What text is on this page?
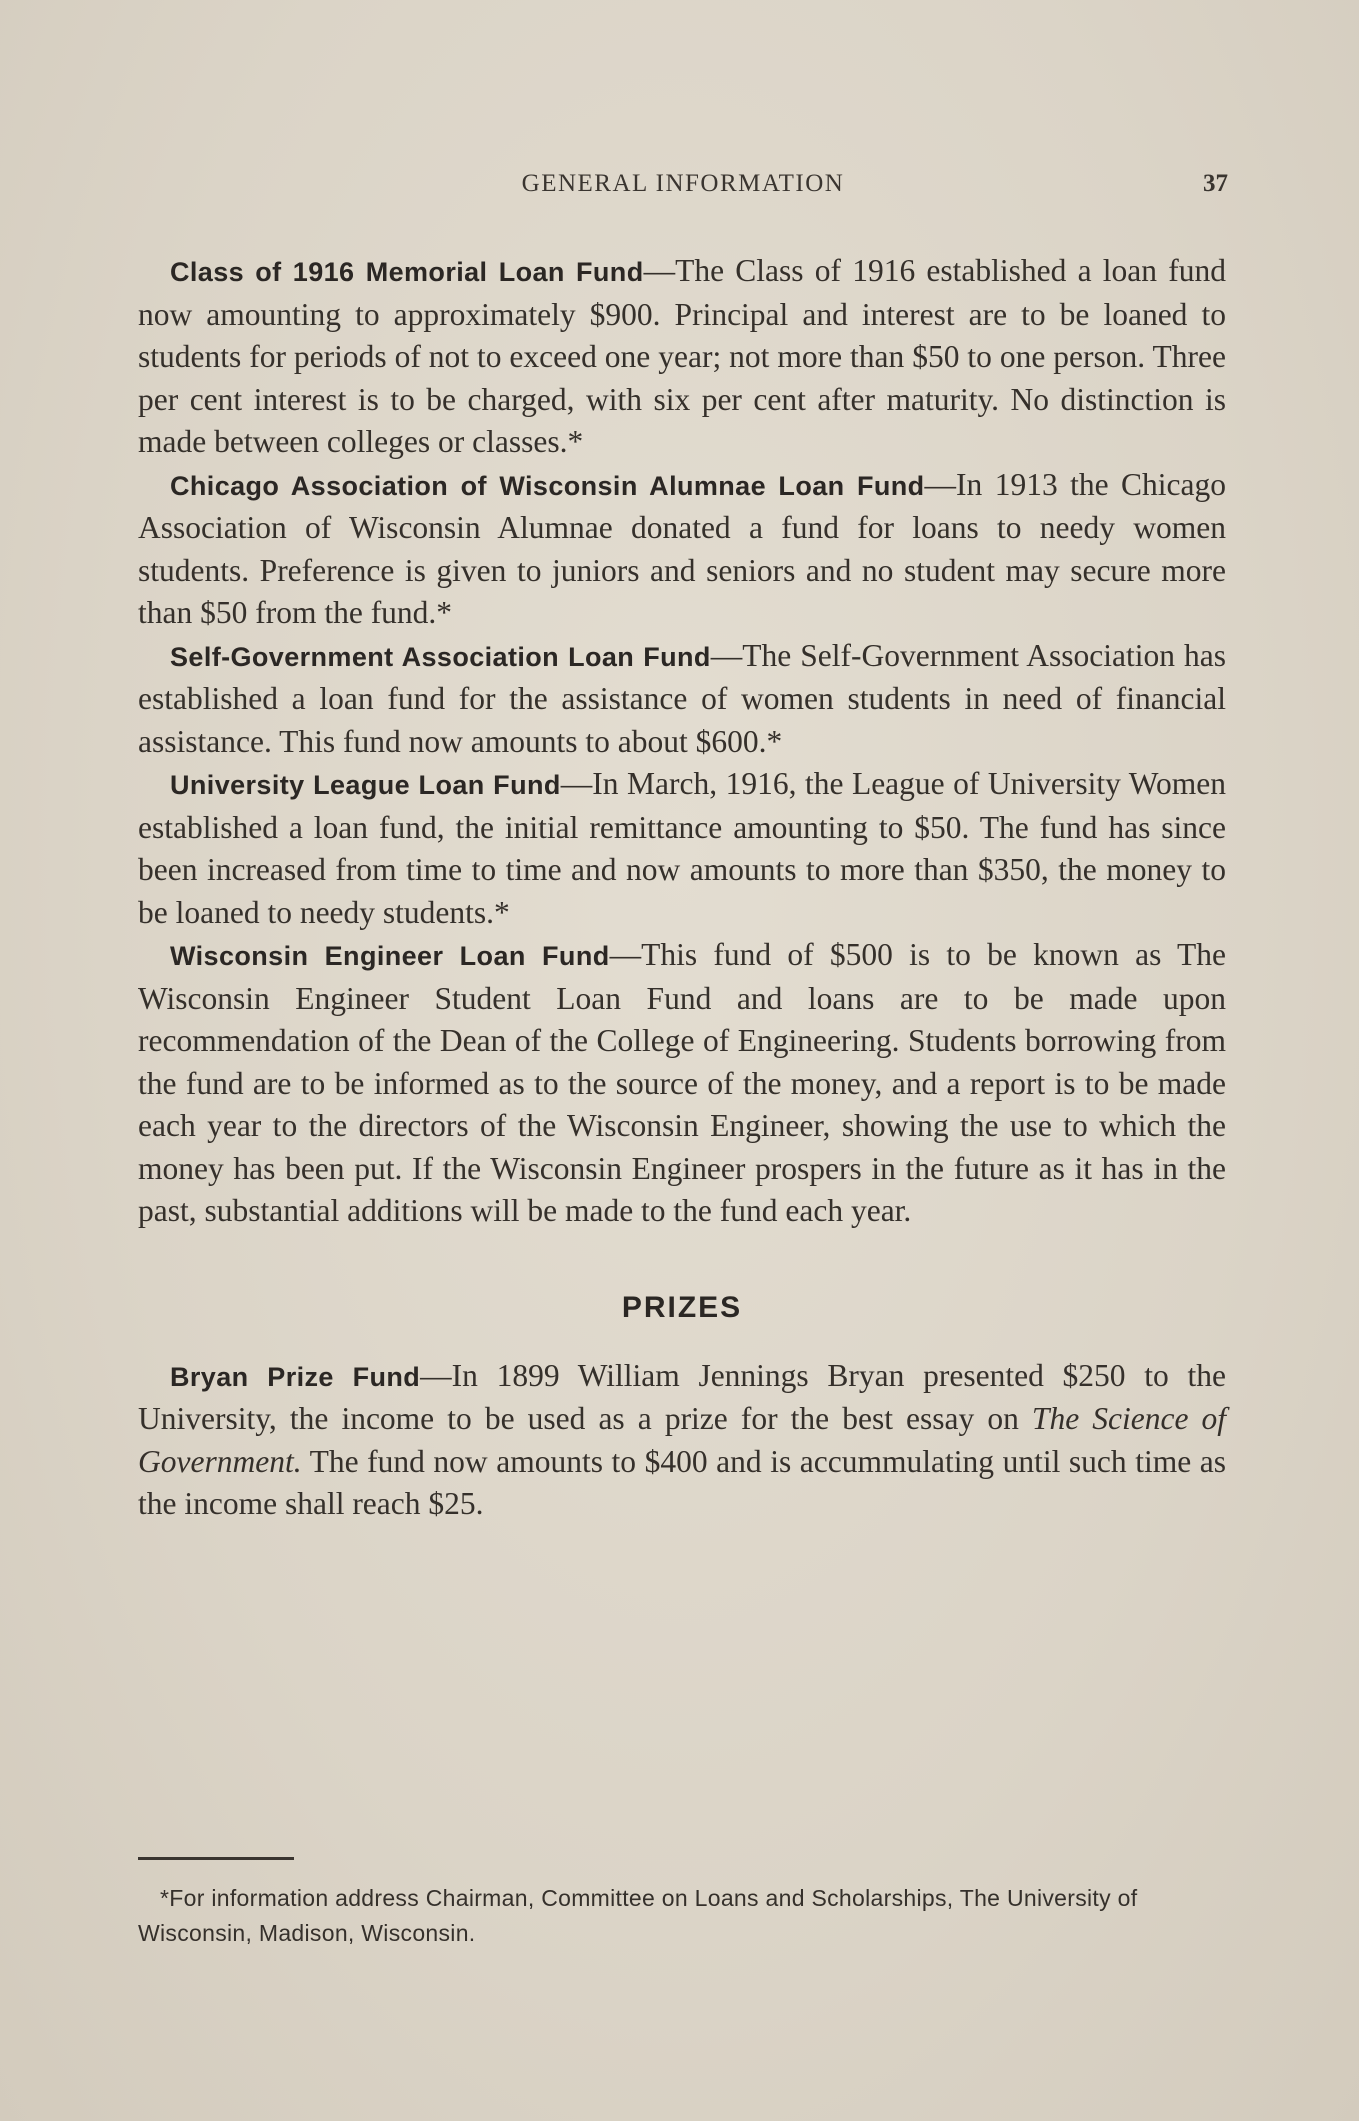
GENERAL INFORMATION	37

Class of 1916 Memorial Loan Fund—The Class of 1916 established a loan fund now amounting to approximately $900. Principal and interest are to be loaned to students for periods of not to exceed one year; not more than $50 to one person. Three per cent interest is to be charged, with six per cent after maturity. No distinction is made between colleges or classes.*

Chicago Association of Wisconsin Alumnae Loan Fund—In 1913 the Chicago Association of Wisconsin Alumnae donated a fund for loans to needy women students. Preference is given to juniors and seniors and no student may secure more than $50 from the fund.*

Self-Government Association Loan Fund—The Self-Government Association has established a loan fund for the assistance of women students in need of financial assistance. This fund now amounts to about $600.*

University League Loan Fund—In March, 1916, the League of University Women established a loan fund, the initial remittance amounting to $50. The fund has since been increased from time to time and now amounts to more than $350, the money to be loaned to needy students.*

Wisconsin Engineer Loan Fund—This fund of $500 is to be known as The Wisconsin Engineer Student Loan Fund and loans are to be made upon recommendation of the Dean of the College of Engineering. Students borrowing from the fund are to be informed as to the source of the money, and a report is to be made each year to the directors of the Wisconsin Engineer, showing the use to which the money has been put. If the Wisconsin Engineer prospers in the future as it has in the past, substantial additions will be made to the fund each year.

PRIZES

Bryan Prize Fund—In 1899 William Jennings Bryan presented $250 to the University, the income to be used as a prize for the best essay on The Science of Government. The fund now amounts to $400 and is accummulating until such time as the income shall reach $25.

*For information address Chairman, Committee on Loans and Scholarships, The University of Wisconsin, Madison, Wisconsin.
